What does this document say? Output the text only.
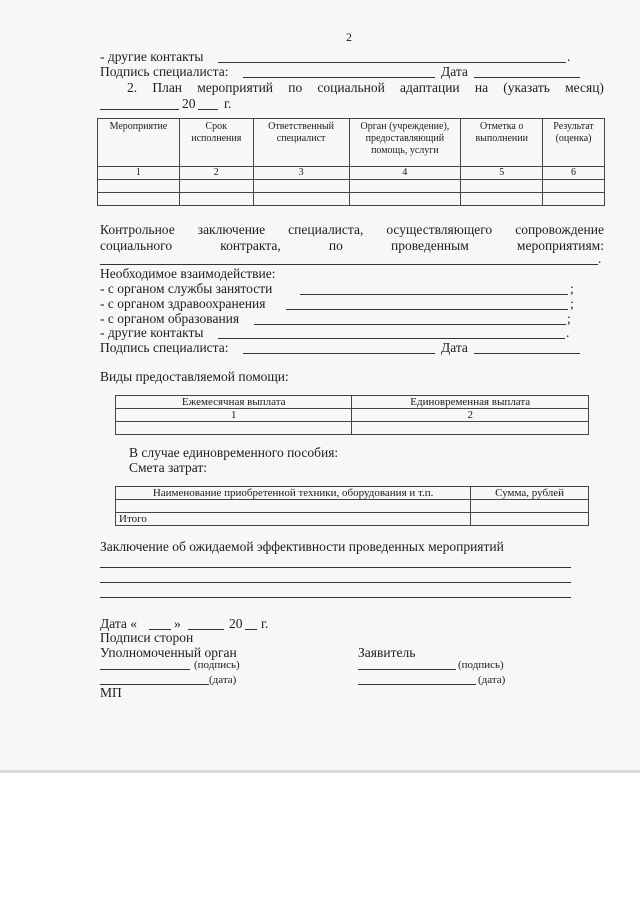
2
- другие контакты	.
Подпись специалиста:	Дата
2. План мероприятий по социальной адаптации на (указать месяц)
20 г.
Мероприятие	Срок исполнения	Ответственный специалист	Орган (учреждение), предоставляющий помощь, услуги	Отметка о выполнении	Результат (оценка)
1	2	3	4	5	6

Контрольное заключение специалиста, осуществляющего сопровождение
социального	контракта,	по	проведенным	мероприятиям:
.
Необходимое взаимодействие:
- с органом службы занятости	;
- с органом здравоохранения	;
- с органом образования	;
- другие контакты	.
Подпись специалиста:	Дата
Виды предоставляемой помощи:
Ежемесячная выплата	Единовременная выплата
1	2

В случае единовременного пособия:
Смета затрат:
Наименование приобретенной техники, оборудования и т.п.	Сумма, рублей

Итого	
Заключение об ожидаемой эффективности проведенных мероприятий
Дата «	»	20 г.
Подписи сторон
Уполномоченный орган	Заявитель
(подпись)	(подпись)
(дата)	(дата)
МП
